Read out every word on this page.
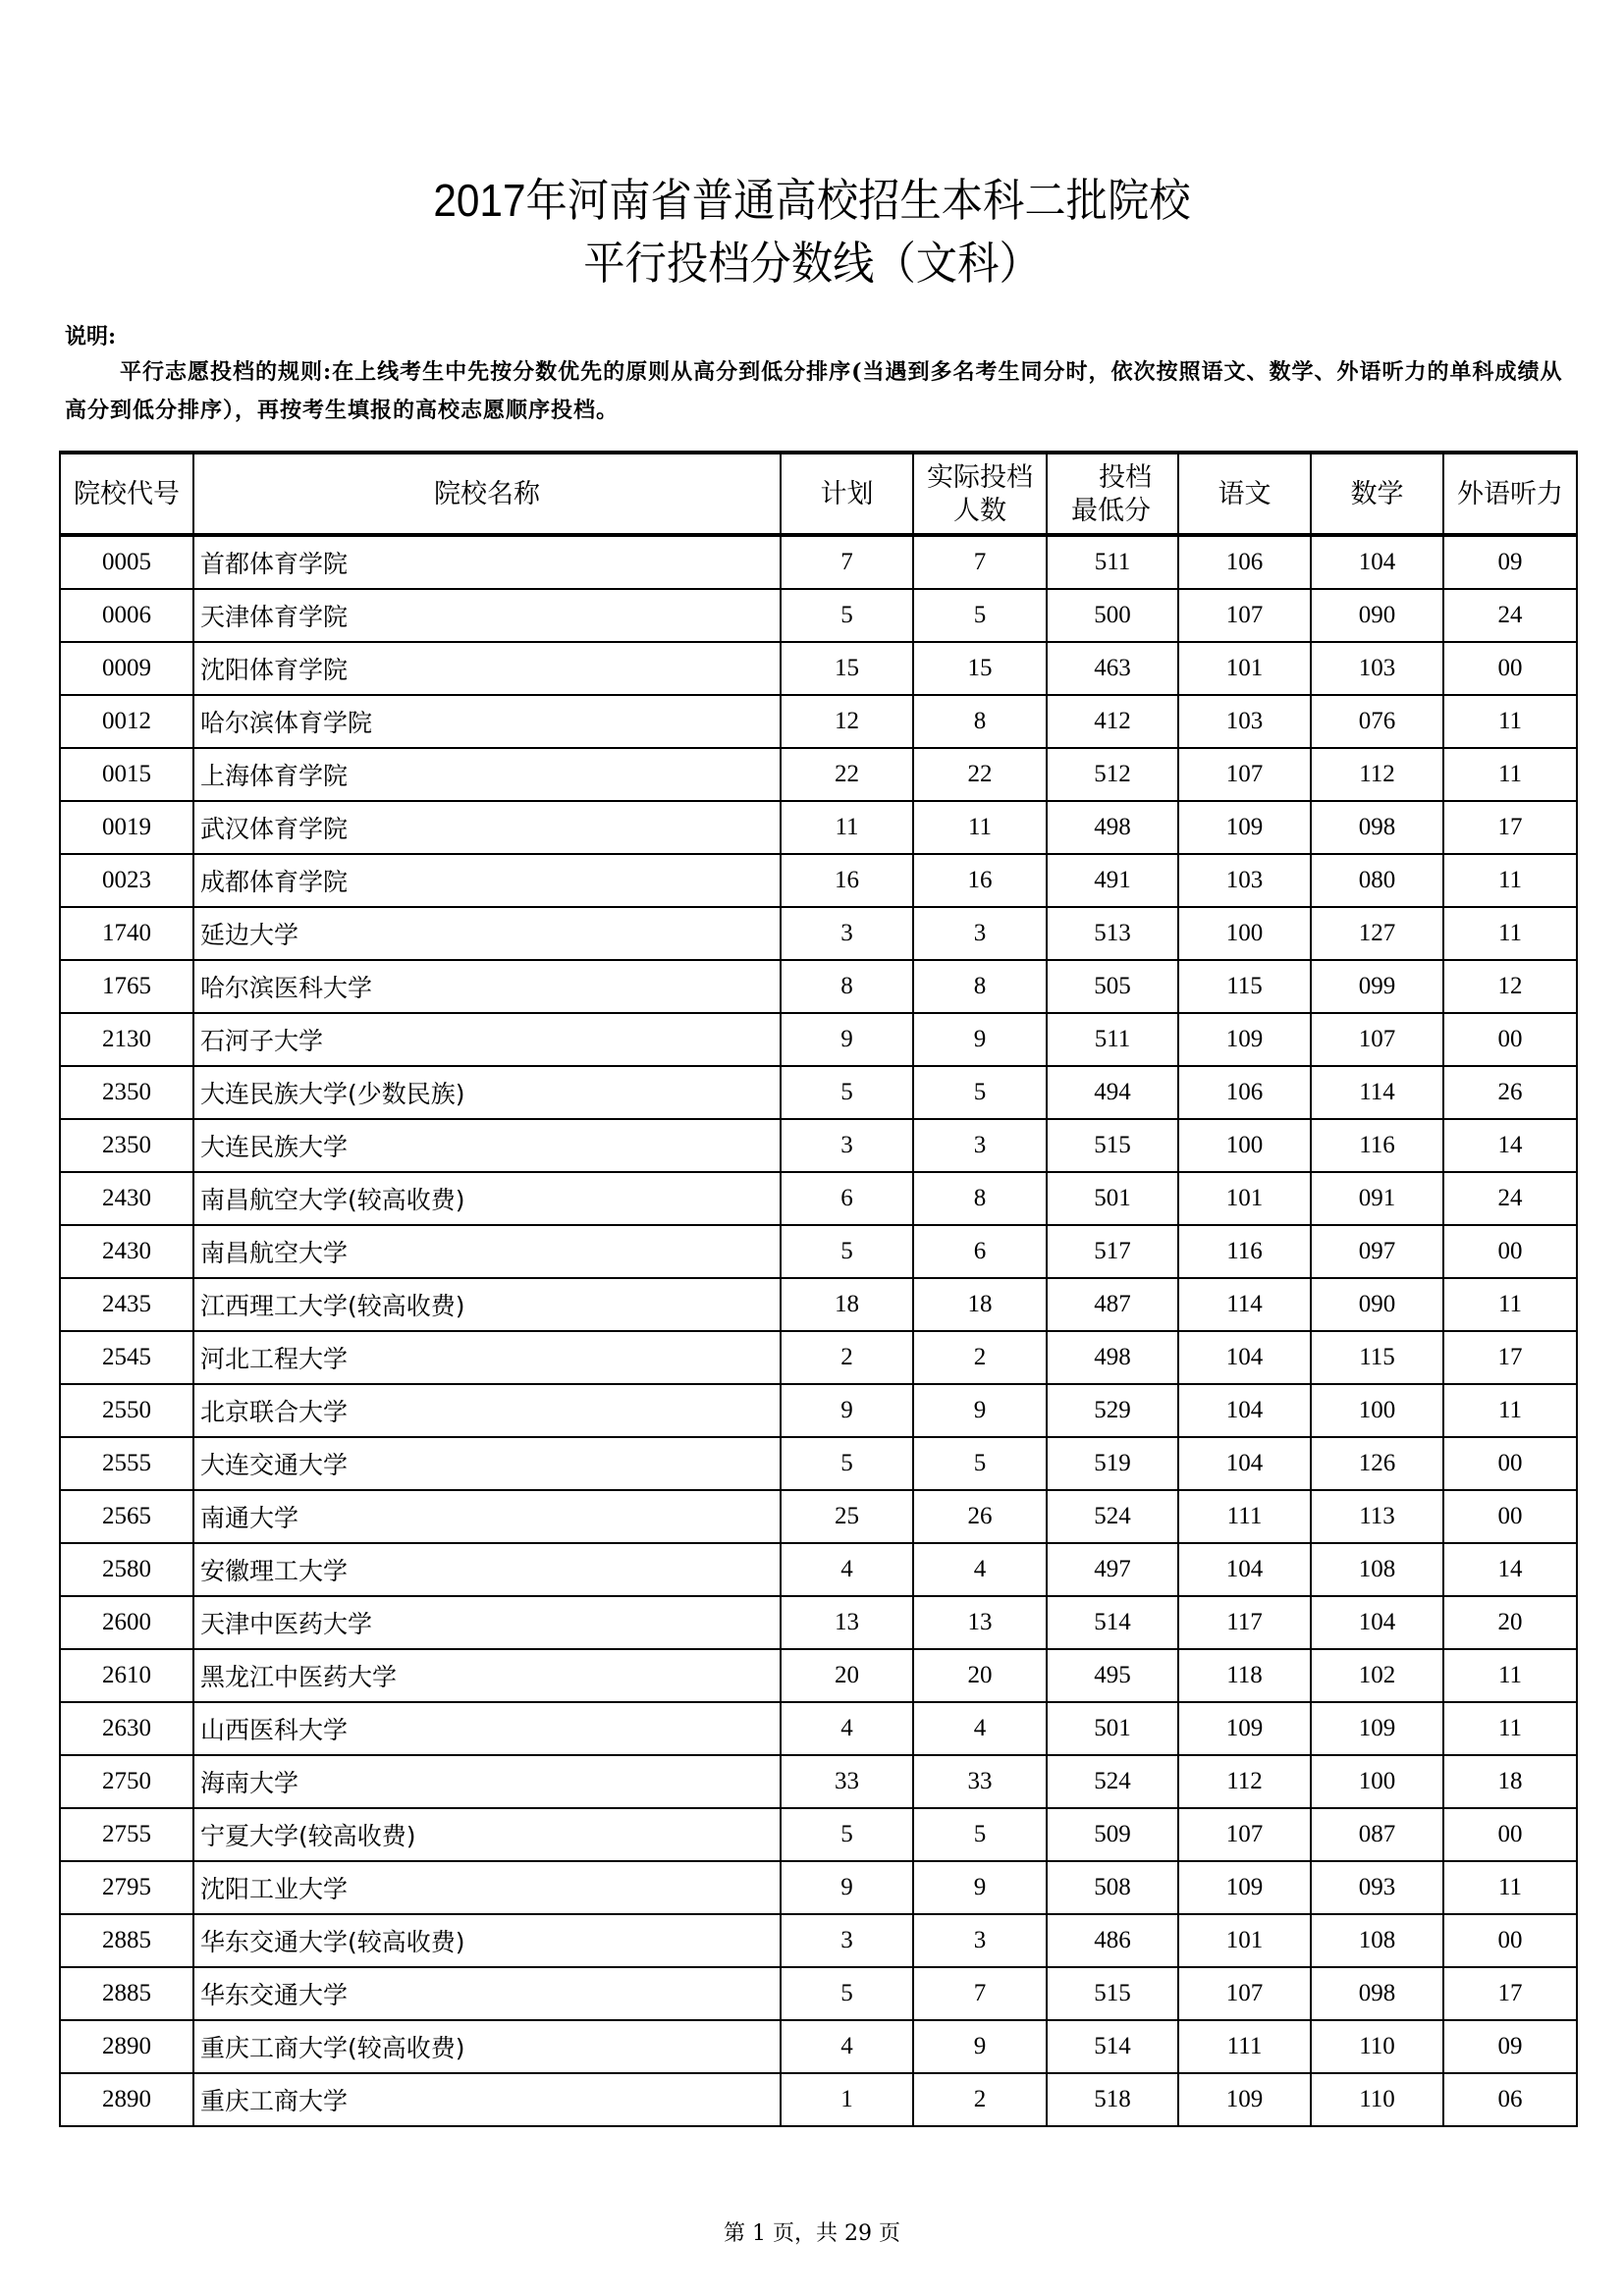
2017年河南省普通高校招生本科二批院校
平行投档分数线（文科）
说明:
平行志愿投档的规则:在上线考生中先按分数优先的原则从高分到低分排序(当遇到多名考生同分时，依次按照语文、数学、外语听力的单科成绩从高分到低分排序），再按考生填报的高校志愿顺序投档。
院校代号	院校名称	计划	实际投档人数	投档最低分	语文	数学	外语听力
0005	首都体育学院	7	7	511	106	104	09
0006	天津体育学院	5	5	500	107	090	24
0009	沈阳体育学院	15	15	463	101	103	00
0012	哈尔滨体育学院	12	8	412	103	076	11
0015	上海体育学院	22	22	512	107	112	11
0019	武汉体育学院	11	11	498	109	098	17
0023	成都体育学院	16	16	491	103	080	11
1740	延边大学	3	3	513	100	127	11
1765	哈尔滨医科大学	8	8	505	115	099	12
2130	石河子大学	9	9	511	109	107	00
2350	大连民族大学(少数民族)	5	5	494	106	114	26
2350	大连民族大学	3	3	515	100	116	14
2430	南昌航空大学(较高收费)	6	8	501	101	091	24
2430	南昌航空大学	5	6	517	116	097	00
2435	江西理工大学(较高收费)	18	18	487	114	090	11
2545	河北工程大学	2	2	498	104	115	17
2550	北京联合大学	9	9	529	104	100	11
2555	大连交通大学	5	5	519	104	126	00
2565	南通大学	25	26	524	111	113	00
2580	安徽理工大学	4	4	497	104	108	14
2600	天津中医药大学	13	13	514	117	104	20
2610	黑龙江中医药大学	20	20	495	118	102	11
2630	山西医科大学	4	4	501	109	109	11
2750	海南大学	33	33	524	112	100	18
2755	宁夏大学(较高收费)	5	5	509	107	087	00
2795	沈阳工业大学	9	9	508	109	093	11
2885	华东交通大学(较高收费)	3	3	486	101	108	00
2885	华东交通大学	5	7	515	107	098	17
2890	重庆工商大学(较高收费)	4	9	514	111	110	09
2890	重庆工商大学	1	2	518	109	110	06
第 1 页，共 29 页
